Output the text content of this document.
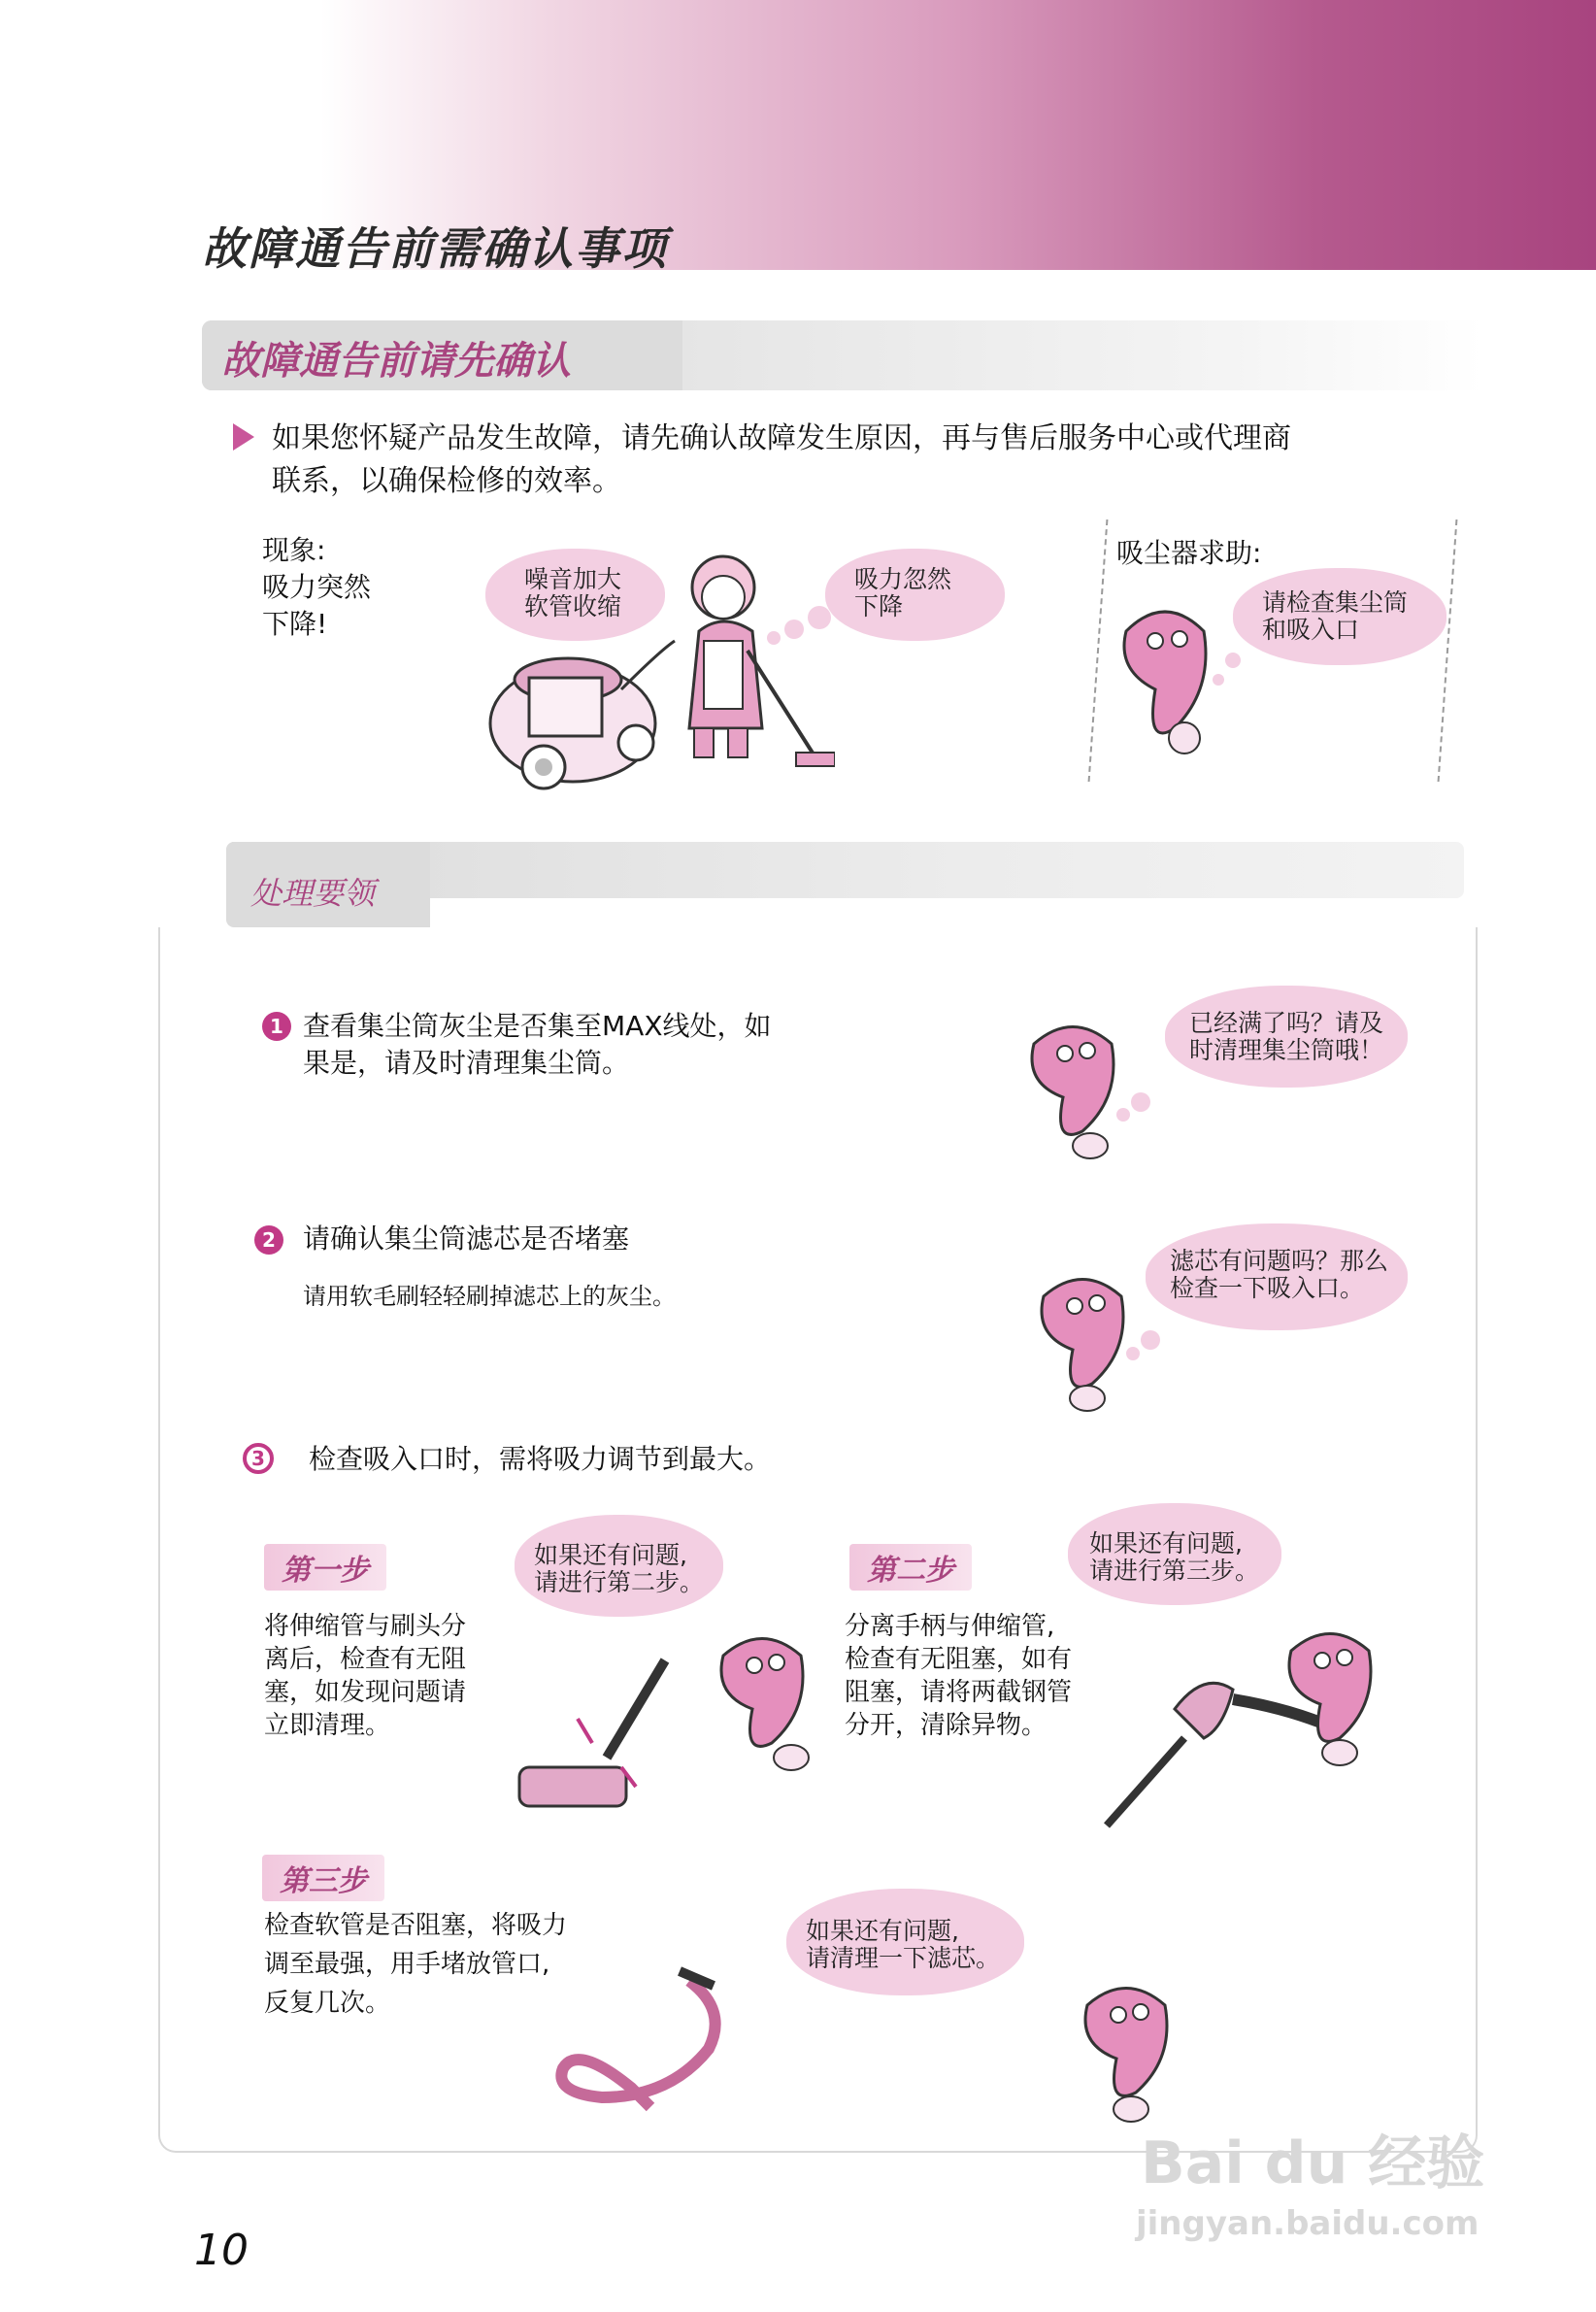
故障通告前需确认事项
故障通告前请先确认
如果您怀疑产品发生故障，请先确认故障发生原因，再与售后服务中心或代理商
联系，以确保检修的效率。
现象:
吸力突然
下降!
噪音加大
软管收缩
吸力忽然
下降
吸尘器求助:
请检查集尘筒
和吸入口
处理要领
1 查看集尘筒灰尘是否集至MAX线处，如
果是，请及时清理集尘筒。
已经满了吗？请及
时清理集尘筒哦！
2 请确认集尘筒滤芯是否堵塞
请用软毛刷轻轻刷掉滤芯上的灰尘。
滤芯有问题吗？那么
检查一下吸入口。
3	检查吸入口时，需将吸力调节到最大。
第一步
将伸缩管与刷头分
离后，检查有无阻
塞，如发现问题请
立即清理。
如果还有问题,
请进行第二步。	第二步
分离手柄与伸缩管,
检查有无阻塞，如有
阻塞，请将两截钢管
分开，清除异物。
如果还有问题,
请进行第三步。
第三步
检查软管是否阻塞，将吸力
调至最强，用手堵放管口,
反复几次。
如果还有问题,
请清理一下滤芯。
10
Bai du 经验
jingyan.baidu.com
